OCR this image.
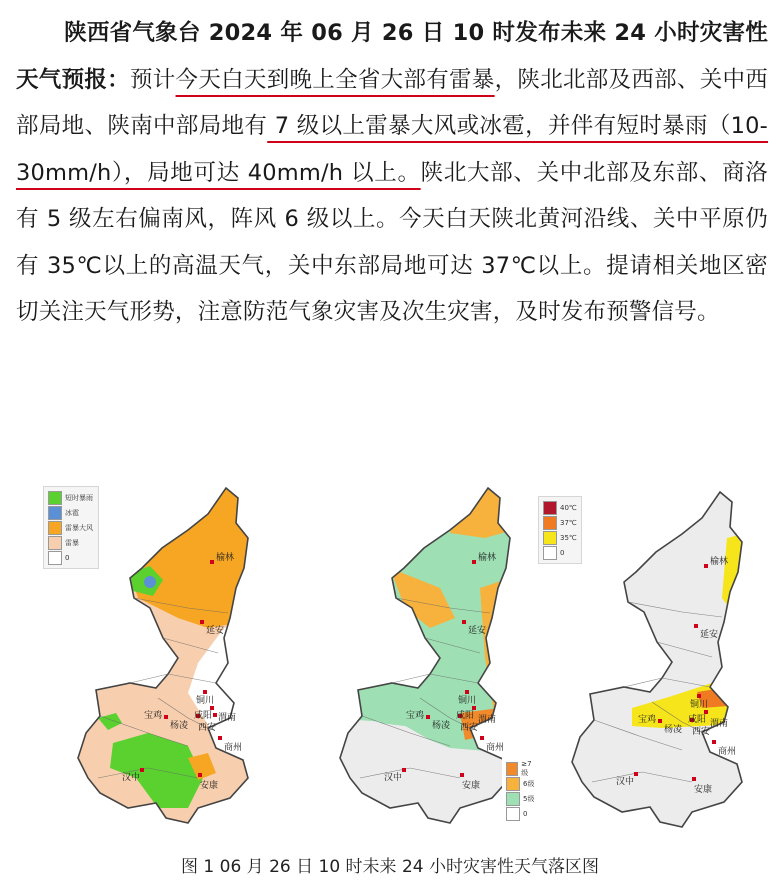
陕西省气象台 2024 年 06 月 26 日 10 时发布未来 24 小时灾害性天气预报：预计今天白天到晚上全省大部有雷暴，陕北北部及西部、关中西部局地、陕南中部局地有 7 级以上雷暴大风或冰雹，并伴有短时暴雨（10-30mm/h），局地可达 40mm/h 以上。陕北大部、关中北部及东部、商洛有 5 级左右偏南风，阵风 6 级以上。今天白天陕北黄河沿线、关中平原仍有 35℃以上的高温天气，关中东部局地可达 37℃以上。提请相关地区密切关注天气形势，注意防范气象灾害及次生灾害，及时发布预警信号。
榆林
延安
铜川
宝鸡
杨凌
咸阳
西安
渭南
商州
汉中
安康
短时暴雨
冰雹
雷暴大风
雷暴
0	榆林
延安
铜川
宝鸡
杨凌
咸阳
西安
渭南
商州
汉中
安康
≥7级
6级
5级
0
榆林
延安
铜川
宝鸡
杨凌
咸阳
西安
渭南
商州
汉中
安康
40℃
37℃
35℃
0
图 1 06 月 26 日 10 时未来 24 小时灾害性天气落区图
